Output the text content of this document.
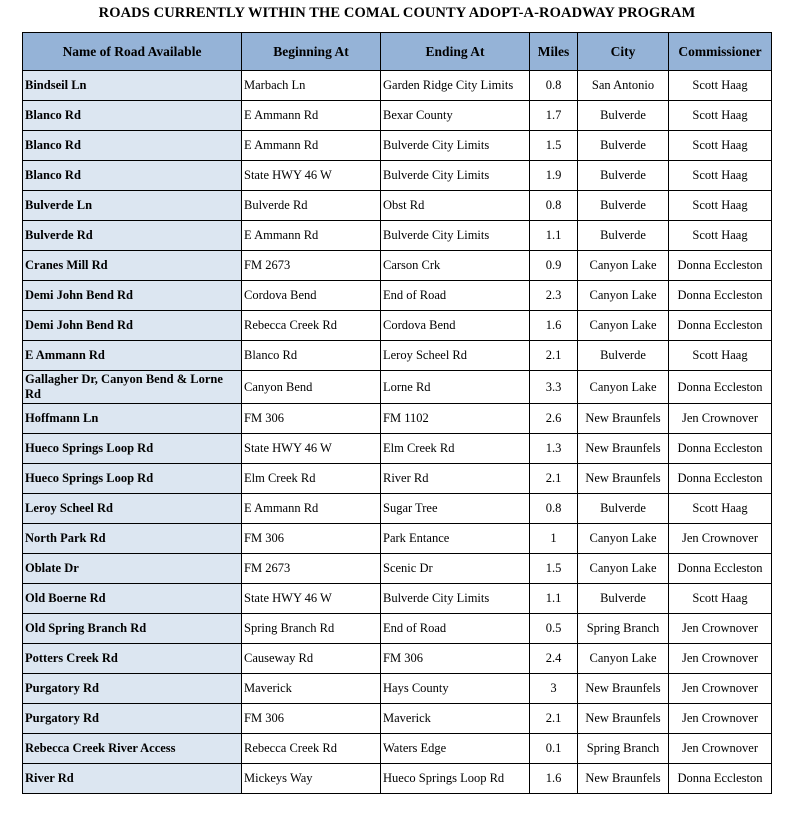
ROADS CURRENTLY WITHIN THE COMAL COUNTY ADOPT-A-ROADWAY PROGRAM
Name of Road Available	Beginning At	Ending At	Miles	City	Commissioner
Bindseil Ln	Marbach Ln	Garden Ridge City Limits	0.8	San Antonio	Scott Haag
Blanco Rd	E Ammann Rd	Bexar County	1.7	Bulverde	Scott Haag
Blanco Rd	E Ammann Rd	Bulverde City Limits	1.5	Bulverde	Scott Haag
Blanco Rd	State HWY 46 W	Bulverde City Limits	1.9	Bulverde	Scott Haag
Bulverde Ln	Bulverde Rd	Obst Rd	0.8	Bulverde	Scott Haag
Bulverde Rd	E Ammann Rd	Bulverde City Limits	1.1	Bulverde	Scott Haag
Cranes Mill Rd	FM 2673	Carson Crk	0.9	Canyon Lake	Donna Eccleston
Demi John Bend Rd	Cordova Bend	End of Road	2.3	Canyon Lake	Donna Eccleston
Demi John Bend Rd	Rebecca Creek Rd	Cordova Bend	1.6	Canyon Lake	Donna Eccleston
E Ammann Rd	Blanco Rd	Leroy Scheel Rd	2.1	Bulverde	Scott Haag
Gallagher Dr, Canyon Bend & Lorne Rd	Canyon Bend	Lorne Rd	3.3	Canyon Lake	Donna Eccleston
Hoffmann Ln	FM 306	FM 1102	2.6	New Braunfels	Jen Crownover
Hueco Springs Loop Rd	State HWY 46 W	Elm Creek Rd	1.3	New Braunfels	Donna Eccleston
Hueco Springs Loop Rd	Elm Creek Rd	River Rd	2.1	New Braunfels	Donna Eccleston
Leroy Scheel Rd	E Ammann Rd	Sugar Tree	0.8	Bulverde	Scott Haag
North Park Rd	FM 306	Park Entance	1	Canyon Lake	Jen Crownover
Oblate Dr	FM 2673	Scenic Dr	1.5	Canyon Lake	Donna Eccleston
Old Boerne Rd	State HWY 46 W	Bulverde City Limits	1.1	Bulverde	Scott Haag
Old Spring Branch Rd	Spring Branch Rd	End of Road	0.5	Spring Branch	Jen Crownover
Potters Creek Rd	Causeway Rd	FM 306	2.4	Canyon Lake	Jen Crownover
Purgatory Rd	Maverick	Hays County	3	New Braunfels	Jen Crownover
Purgatory Rd	FM 306	Maverick	2.1	New Braunfels	Jen Crownover
Rebecca Creek River Access	Rebecca Creek Rd	Waters Edge	0.1	Spring Branch	Jen Crownover
River Rd	Mickeys Way	Hueco Springs Loop Rd	1.6	New Braunfels	Donna Eccleston
